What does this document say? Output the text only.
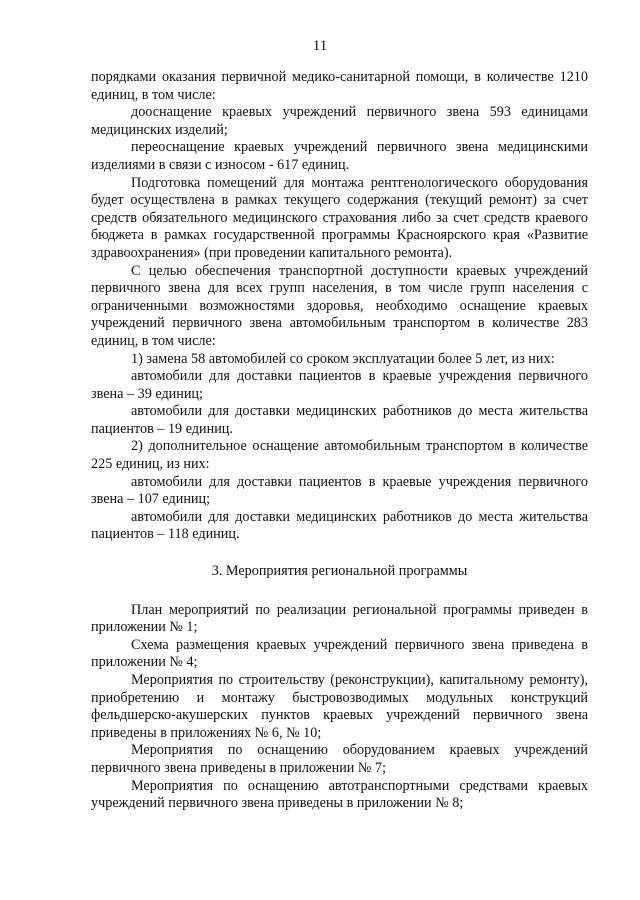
11

порядками оказания первичной медико-санитарной помощи, в количестве 1210 единиц, в том числе:

дооснащение краевых учреждений первичного звена 593 единицами медицинских изделий;

переоснащение краевых учреждений первичного звена медицинскими изделиями в связи с износом - 617 единиц.

Подготовка помещений для монтажа рентгенологического оборудования будет осуществлена в рамках текущего содержания (текущий ремонт) за счет средств обязательного медицинского страхования либо за счет средств краевого бюджета в рамках государственной программы Красноярского края «Развитие здравоохранения» (при проведении капитального ремонта).

С целью обеспечения транспортной доступности краевых учреждений первичного звена для всех групп населения, в том числе групп населения с ограниченными возможностями здоровья, необходимо оснащение краевых учреждений первичного звена автомобильным транспортом в количестве 283 единиц, в том числе:

1) замена 58 автомобилей со сроком эксплуатации более 5 лет, из них:

автомобили для доставки пациентов в краевые учреждения первичного звена – 39 единиц;

автомобили для доставки медицинских работников до места жительства пациентов – 19 единиц.

2) дополнительное оснащение автомобильным транспортом в количестве 225 единиц, из них:

автомобили для доставки пациентов в краевые учреждения первичного звена – 107 единиц;

автомобили для доставки медицинских работников до места жительства пациентов – 118 единиц.

3. Мероприятия региональной программы

План мероприятий по реализации региональной программы приведен в приложении № 1;

Схема размещения краевых учреждений первичного звена приведена в приложении № 4;

Мероприятия по строительству (реконструкции), капитальному ремонту), приобретению и монтажу быстровозводимых модульных конструкций фельдшерско-акушерских пунктов краевых учреждений первичного звена приведены в приложениях № 6, № 10;

Мероприятия по оснащению оборудованием краевых учреждений первичного звена приведены в приложении № 7;

Мероприятия по оснащению автотранспортными средствами краевых учреждений первичного звена приведены в приложении № 8;
